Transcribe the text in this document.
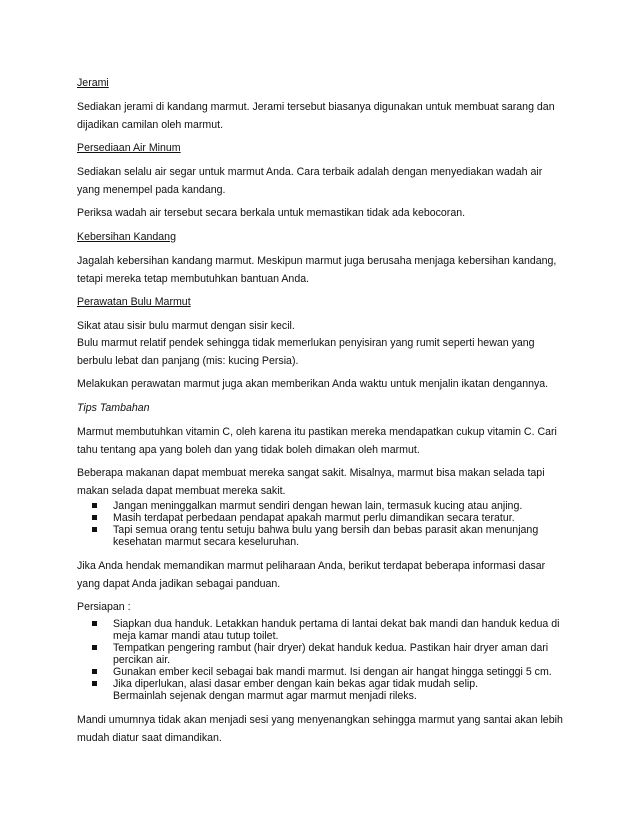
Jerami

Sediakan jerami di kandang marmut. Jerami tersebut biasanya digunakan untuk membuat sarang dan dijadikan camilan oleh marmut.

Persediaan Air Minum

Sediakan selalu air segar untuk marmut Anda. Cara terbaik adalah dengan menyediakan wadah air yang menempel pada kandang.

Periksa wadah air tersebut secara berkala untuk memastikan tidak ada kebocoran.

Kebersihan Kandang

Jagalah kebersihan kandang marmut. Meskipun marmut juga berusaha menjaga kebersihan kandang, tetapi mereka tetap membutuhkan bantuan Anda.

Perawatan Bulu Marmut

Sikat atau sisir bulu marmut dengan sisir kecil.

Bulu marmut relatif pendek sehingga tidak memerlukan penyisiran yang rumit seperti hewan yang berbulu lebat dan panjang (mis: kucing Persia).

Melakukan perawatan marmut juga akan memberikan Anda waktu untuk menjalin ikatan dengannya.

Tips Tambahan

Marmut membutuhkan vitamin C, oleh karena itu pastikan mereka mendapatkan cukup vitamin C. Cari tahu tentang apa yang boleh dan yang tidak boleh dimakan oleh marmut.

Beberapa makanan dapat membuat mereka sangat sakit. Misalnya, marmut bisa makan selada tapi makan selada dapat membuat mereka sakit.

Jangan meninggalkan marmut sendiri dengan hewan lain, termasuk kucing atau anjing.
Masih terdapat perbedaan pendapat apakah marmut perlu dimandikan secara teratur.
Tapi semua orang tentu setuju bahwa bulu yang bersih dan bebas parasit akan menunjang kesehatan marmut secara keseluruhan.

Jika Anda hendak memandikan marmut peliharaan Anda, berikut terdapat beberapa informasi dasar yang dapat Anda jadikan sebagai panduan.

Persiapan :

Siapkan dua handuk. Letakkan handuk pertama di lantai dekat bak mandi dan handuk kedua di meja kamar mandi atau tutup toilet.
Tempatkan pengering rambut (hair dryer) dekat handuk kedua. Pastikan hair dryer aman dari percikan air.
Gunakan ember kecil sebagai bak mandi marmut. Isi dengan air hangat hingga setinggi 5 cm.
Jika diperlukan, alasi dasar ember dengan kain bekas agar tidak mudah selip.
Bermainlah sejenak dengan marmut agar marmut menjadi rileks.

Mandi umumnya tidak akan menjadi sesi yang menyenangkan sehingga marmut yang santai akan lebih mudah diatur saat dimandikan.
